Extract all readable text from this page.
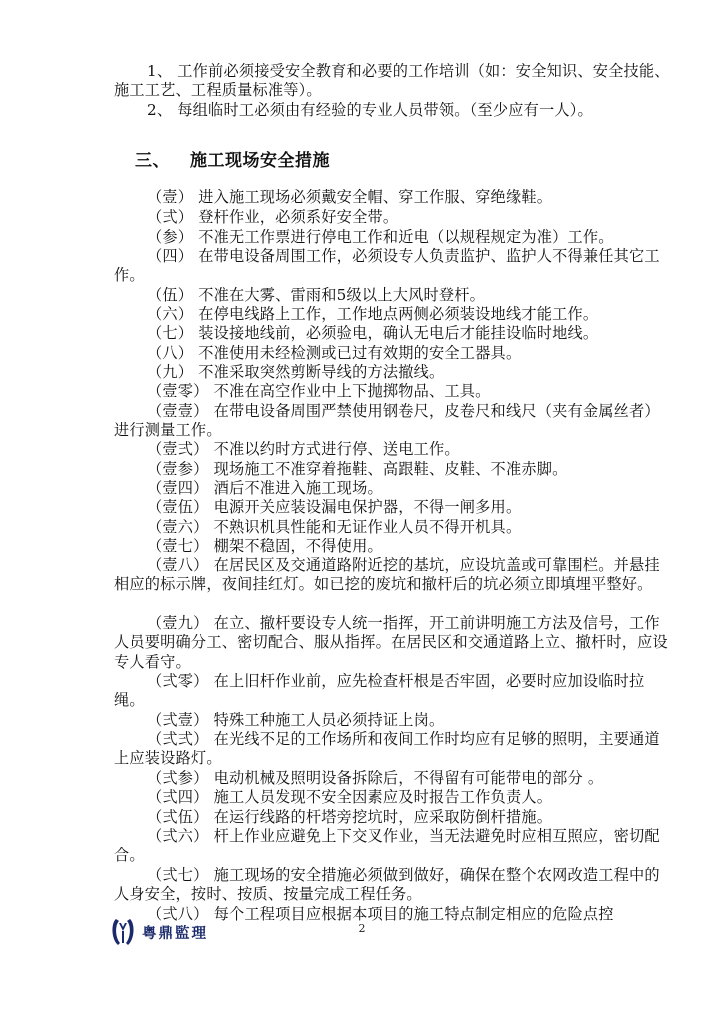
1、 工作前必须接受安全教育和必要的工作培训（如：安全知识、安全技能、施工工艺、工程质量标准等）。
2、 每组临时工必须由有经验的专业人员带领。（至少应有一人）。
三、 施工现场安全措施
（壹） 进入施工现场必须戴安全帽、穿工作服、穿绝缘鞋。
（弍） 登杆作业，必须系好安全带。
（参） 不准无工作票进行停电工作和近电（以规程规定为准）工作。
（四） 在带电设备周围工作，必须设专人负责监护、监护人不得兼任其它工作。
（伍） 不准在大雾、雷雨和5级以上大风时登杆。
（六） 在停电线路上工作，工作地点两侧必须装设地线才能工作。
（七） 装设接地线前，必须验电，确认无电后才能挂设临时地线。
（八） 不准使用未经检测或已过有效期的安全工器具。
（九） 不准采取突然剪断导线的方法撤线。
（壹零） 不准在高空作业中上下抛掷物品、工具。
（壹壹） 在带电设备周围严禁使用钢卷尺，皮卷尺和线尺（夹有金属丝者）进行测量工作。
（壹弍） 不准以约时方式进行停、送电工作。
（壹参） 现场施工不准穿着拖鞋、高跟鞋、皮鞋、不准赤脚。
（壹四） 酒后不准进入施工现场。
（壹伍） 电源开关应装设漏电保护器，不得一闸多用。
（壹六） 不熟识机具性能和无证作业人员不得开机具。
（壹七） 棚架不稳固，不得使用。
（壹八） 在居民区及交通道路附近挖的基坑，应设坑盖或可靠围栏。并悬挂相应的标示牌，夜间挂红灯。如已挖的废坑和撤杆后的坑必须立即填埋平整好。
（壹九） 在立、撤杆要设专人统一指挥，开工前讲明施工方法及信号，工作人员要明确分工、密切配合、服从指挥。在居民区和交通道路上立、撤杆时，应设专人看守。
（弍零） 在上旧杆作业前，应先检查杆根是否牢固，必要时应加设临时拉绳。
（弍壹） 特殊工种施工人员必须持证上岗。
（弍弍） 在光线不足的工作场所和夜间工作时均应有足够的照明，主要通道上应装设路灯。
（弍参） 电动机械及照明设备拆除后，不得留有可能带电的部分 。
（弍四） 施工人员发现不安全因素应及时报告工作负责人。
（弍伍） 在运行线路的杆塔旁挖坑时，应采取防倒杆措施。
（弍六） 杆上作业应避免上下交叉作业，当无法避免时应相互照应，密切配合。
（弍七） 施工现场的安全措施必须做到做好，确保在整个农网改造工程中的人身安全，按时、按质、按量完成工程任务。
（弍八） 每个工程项目应根据本项目的施工特点制定相应的危险点控
粤鼎監理	2
